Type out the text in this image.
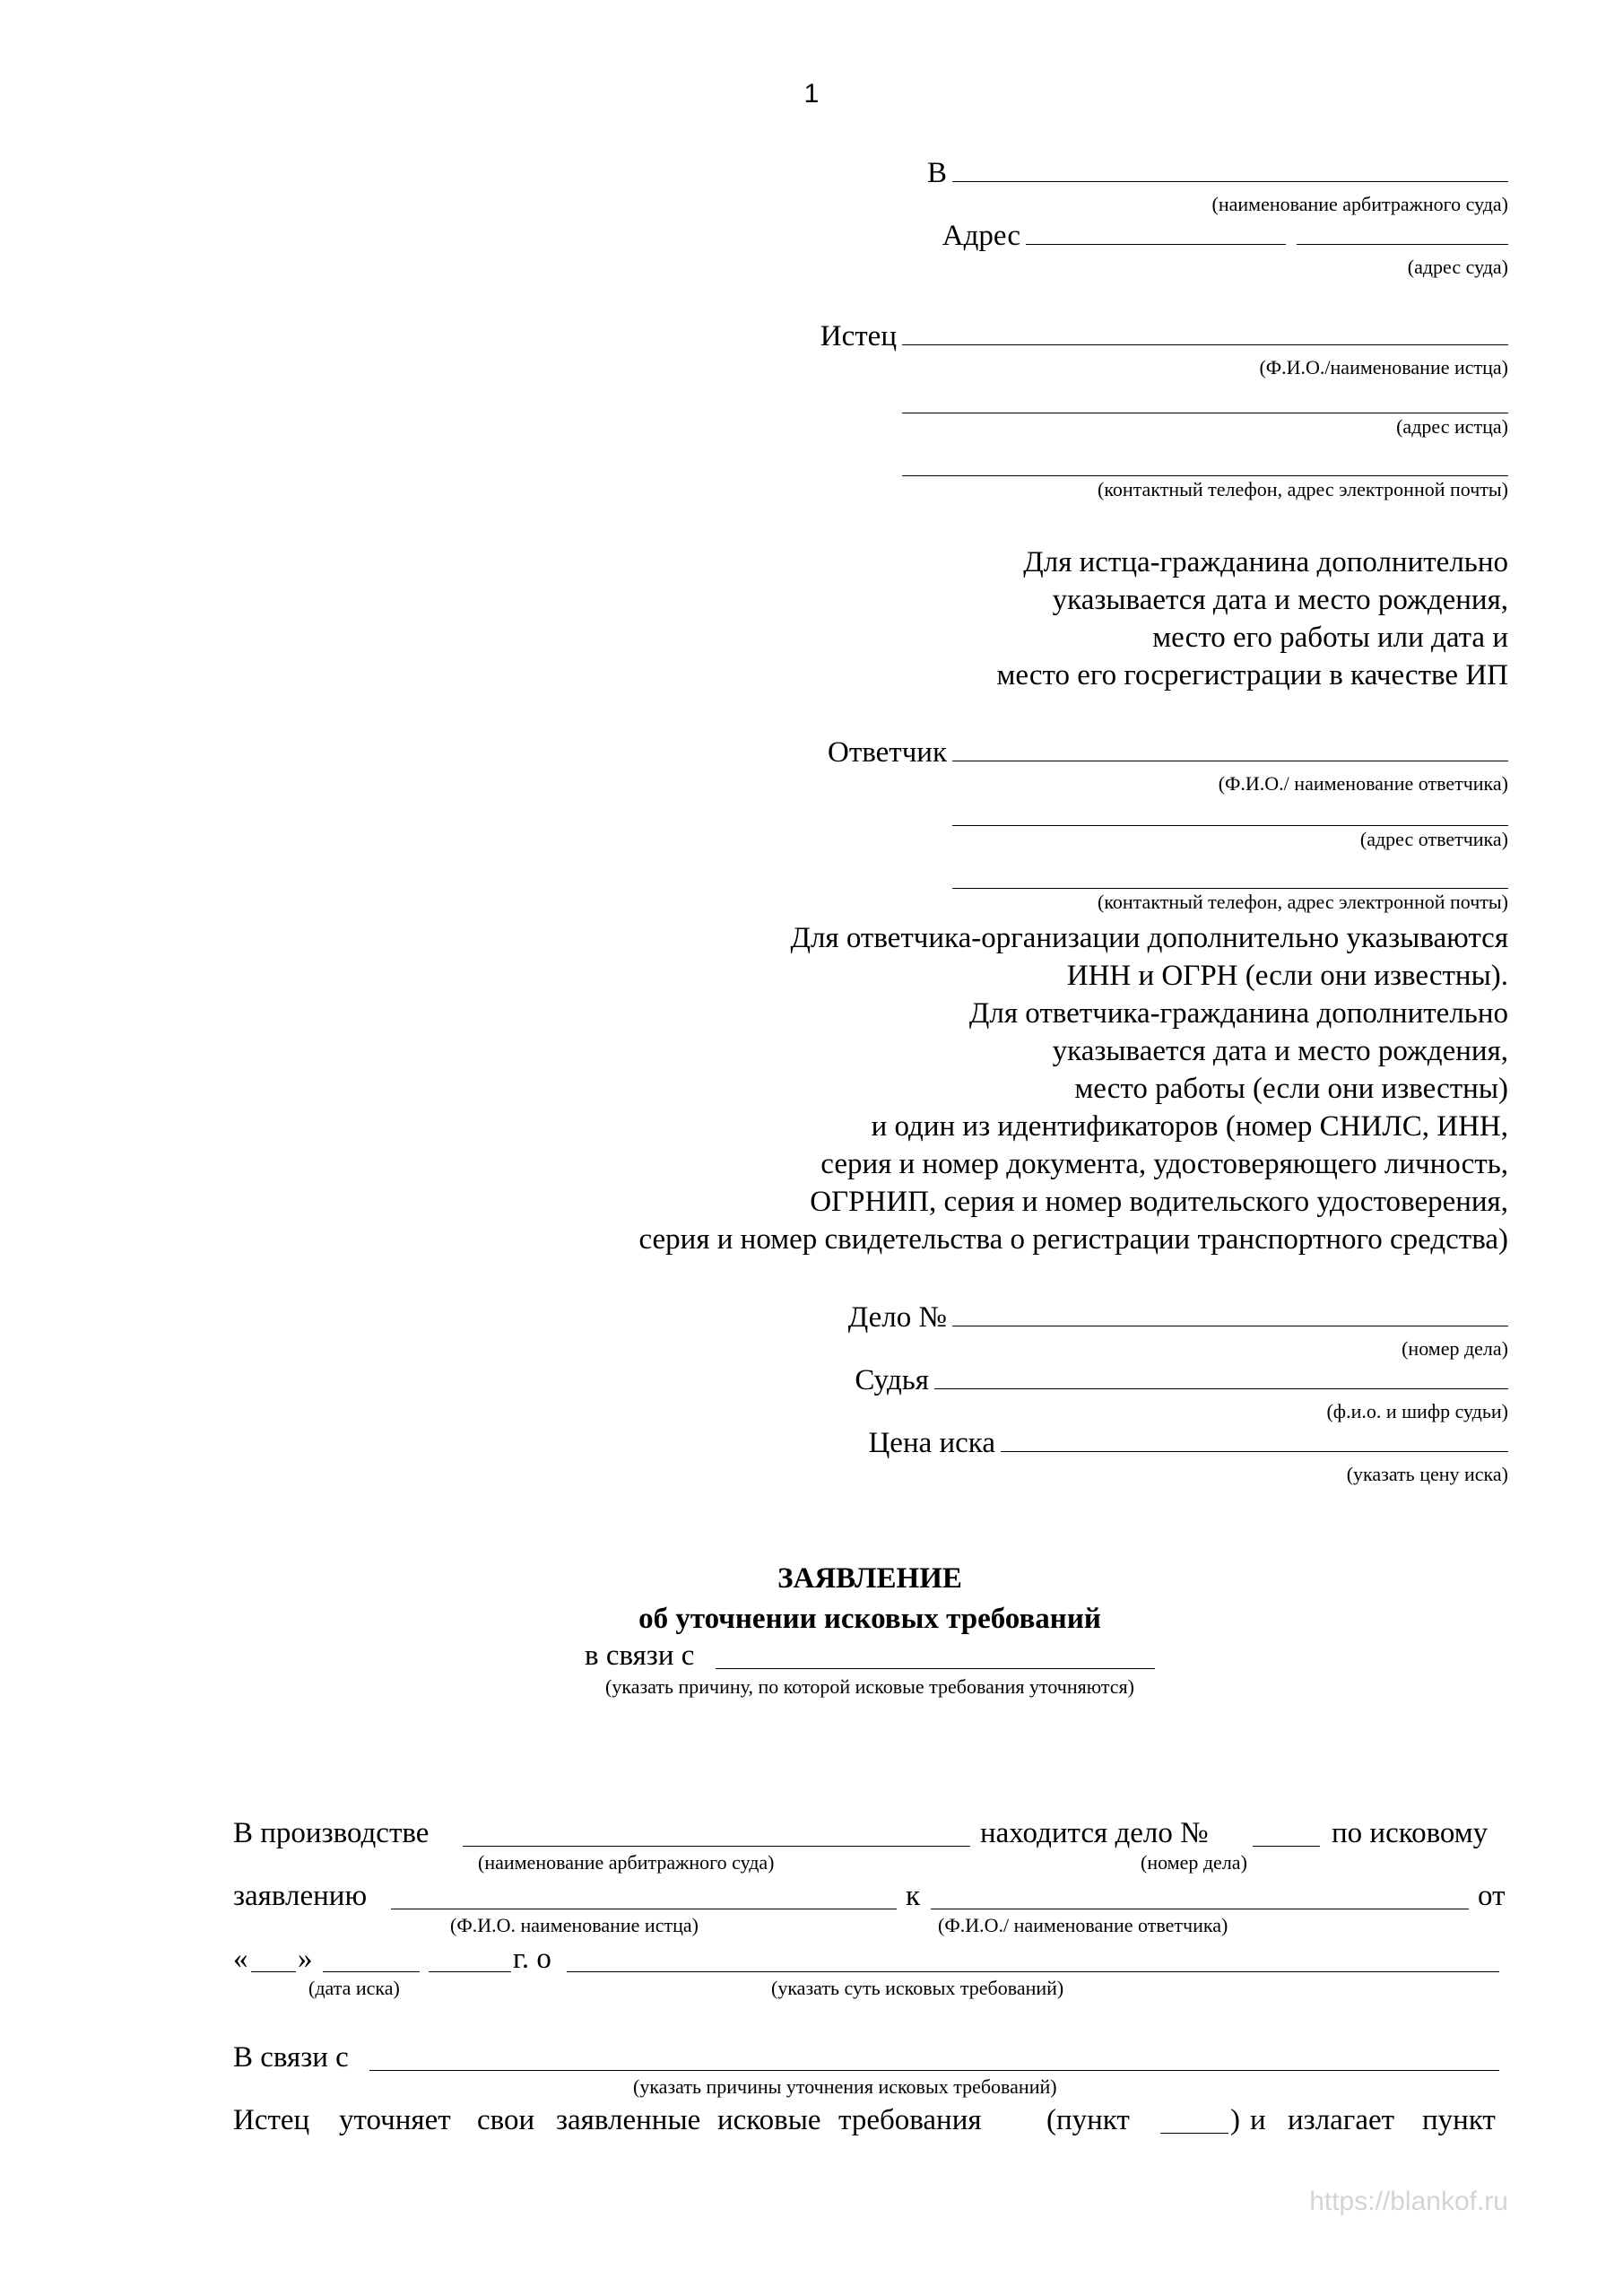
1
В
(наименование арбитражного суда)
Адрес
(адрес суда)
Истец
(Ф.И.О./наименование истца)
(адрес истца)
(контактный телефон, адрес электронной почты)
Для истца-гражданина дополнительно
указывается дата и место рождения,
место его работы или дата и
место его госрегистрации в качестве ИП
Ответчик
(Ф.И.О./ наименование ответчика)
(адрес ответчика)
(контактный телефон, адрес электронной почты)
Для ответчика-организации дополнительно указываются
ИНН и ОГРН (если они известны).
Для ответчика-гражданина дополнительно
указывается дата и место рождения,
место работы (если они известны)
и один из идентификаторов (номер СНИЛС, ИНН,
серия и номер документа, удостоверяющего личность,
ОГРНИП, серия и номер водительского удостоверения,
серия и номер свидетельства о регистрации транспортного средства)
Дело №
(номер дела)
Судья
(ф.и.о. и шифр судьи)
Цена иска
(указать цену иска)
ЗАЯВЛЕНИЕ
об уточнении исковых требований
в связи с
(указать причину, по которой исковые требования уточняются)
В производстве	находится дело №	по исковому
(наименование арбитражного суда)	(номер дела)
заявлению	к	от
(Ф.И.О. наименование истца)	(Ф.И.О./ наименование ответчика)
« »	г. о
(дата иска)	(указать суть исковых требований)
В связи с
(указать причины уточнения исковых требований)
Истец уточняет свои заявленные исковые требования (пункт	) и излагает пункт
https://blankof.ru
